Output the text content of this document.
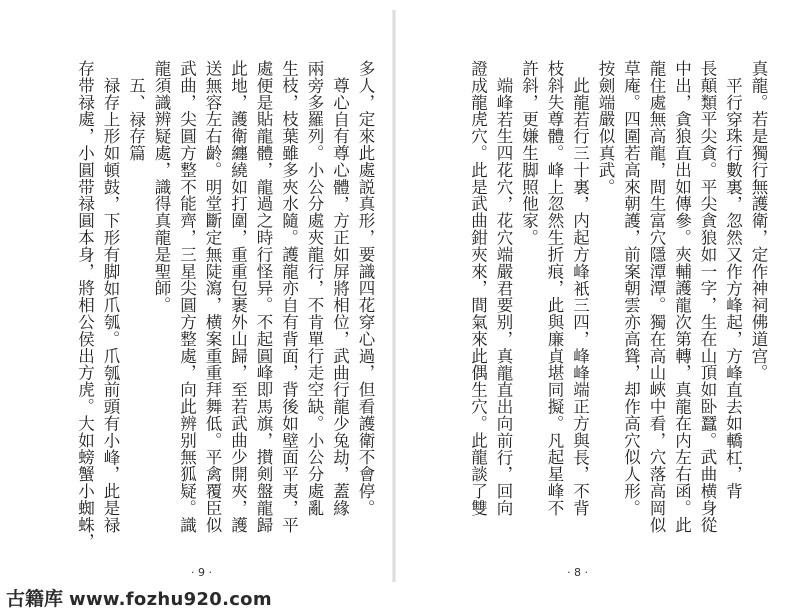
多人，定來此處説真形，要識四花穿心過，但看護衛不會停。
尊心自有尊心體，方正如屏將相位，武曲行龍少兔劫，蓋緣
兩旁多羅列。小公分處夾龍行，不肯單行走空缺。小公分處亂
生枝，枝葉雖多夾水隨。護龍亦自有背面，背後如壁面平夷，平
處便是貼龍體，龍過之時行怪异。不起圓峰即馬旗，攅剣盤龍歸
此地，護衛纏繞如打圍，重重包裹外山歸，至若武曲少開夾，護
送無容左右齡。明堂斷定無陡瀉，横案重重拜舞低。平禽覆臣似
武曲，尖圓方整不能齊，三星尖圓方整處，向此辨别無狐疑。識
龍須識辨疑處，識得真龍是聖師。
五、禄存篇
禄存上形如頓鼓，下形有脚如爪瓠。爪瓠前頭有小峰，此是禄
存带禄處，小圓带禄圓本身，將相公侯出方虎。大如螃蟹小蜘蛛，
· 9 ·
真龍。若是獨行無護衛，定作神祠佛道宫。
平行穿珠行數裏，忽然又作方峰起，方峰直去如轎杠，背
長顛類平尖貪。平尖貪狼如一字，生在山頂如卧蠶。武曲横身從
中出，貪狼直出如傳參。夾輔護龍次第轉，真龍在内左右函。此
龍住處無高龍，間生富穴隱潭潭。獨在高山峽中看，穴落高岡似
草庵。四圍若高來朝護，前案朝雲亦高聳，却作高穴似人形。
按劍端嚴似真武。
此龍若行三十裏，内起方峰衹三四，峰峰端正方與長，不背
枝斜失尊體。峰上忽然生折痕，此與廉貞堪同擬。凡起星峰不
許斜，更嫌生脚照他家。
端峰若生四花穴，花穴端嚴君要别，真龍直出向前行，回向
證成龍虎穴。此是武曲鉗夾來，間氣來此偶生穴。此龍談了雙
· 8 ·
古籍库 www.fozhu920.com
